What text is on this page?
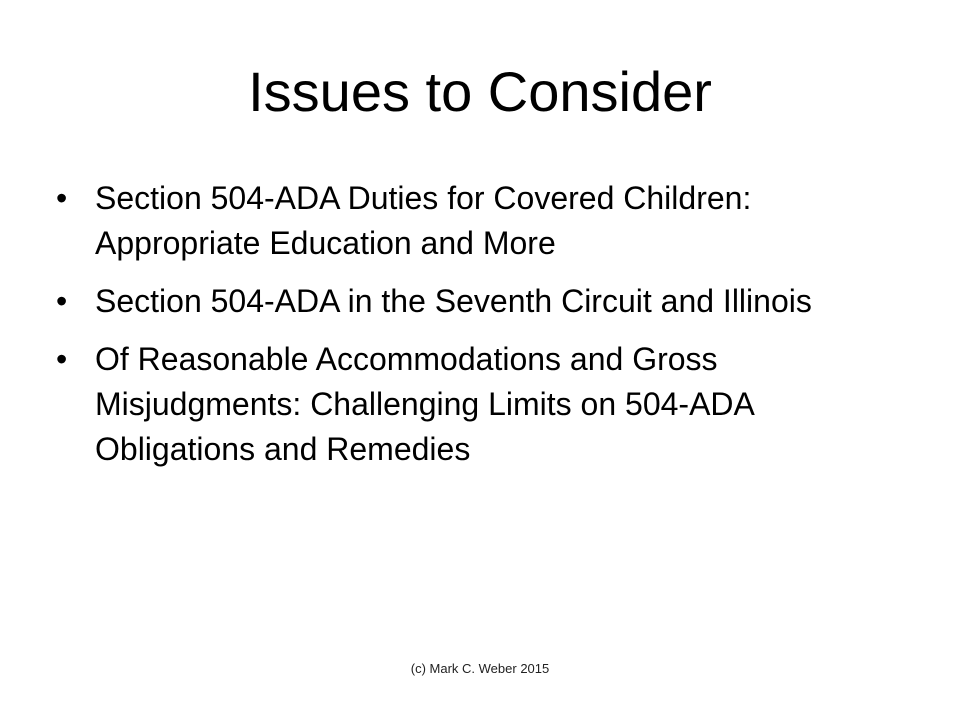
Issues to Consider
• Section 504-ADA Duties for Covered Children: Appropriate Education and More
• Section 504-ADA in the Seventh Circuit and Illinois
• Of Reasonable Accommodations and Gross Misjudgments: Challenging Limits on 504-ADA Obligations and Remedies
(c) Mark C. Weber 2015
